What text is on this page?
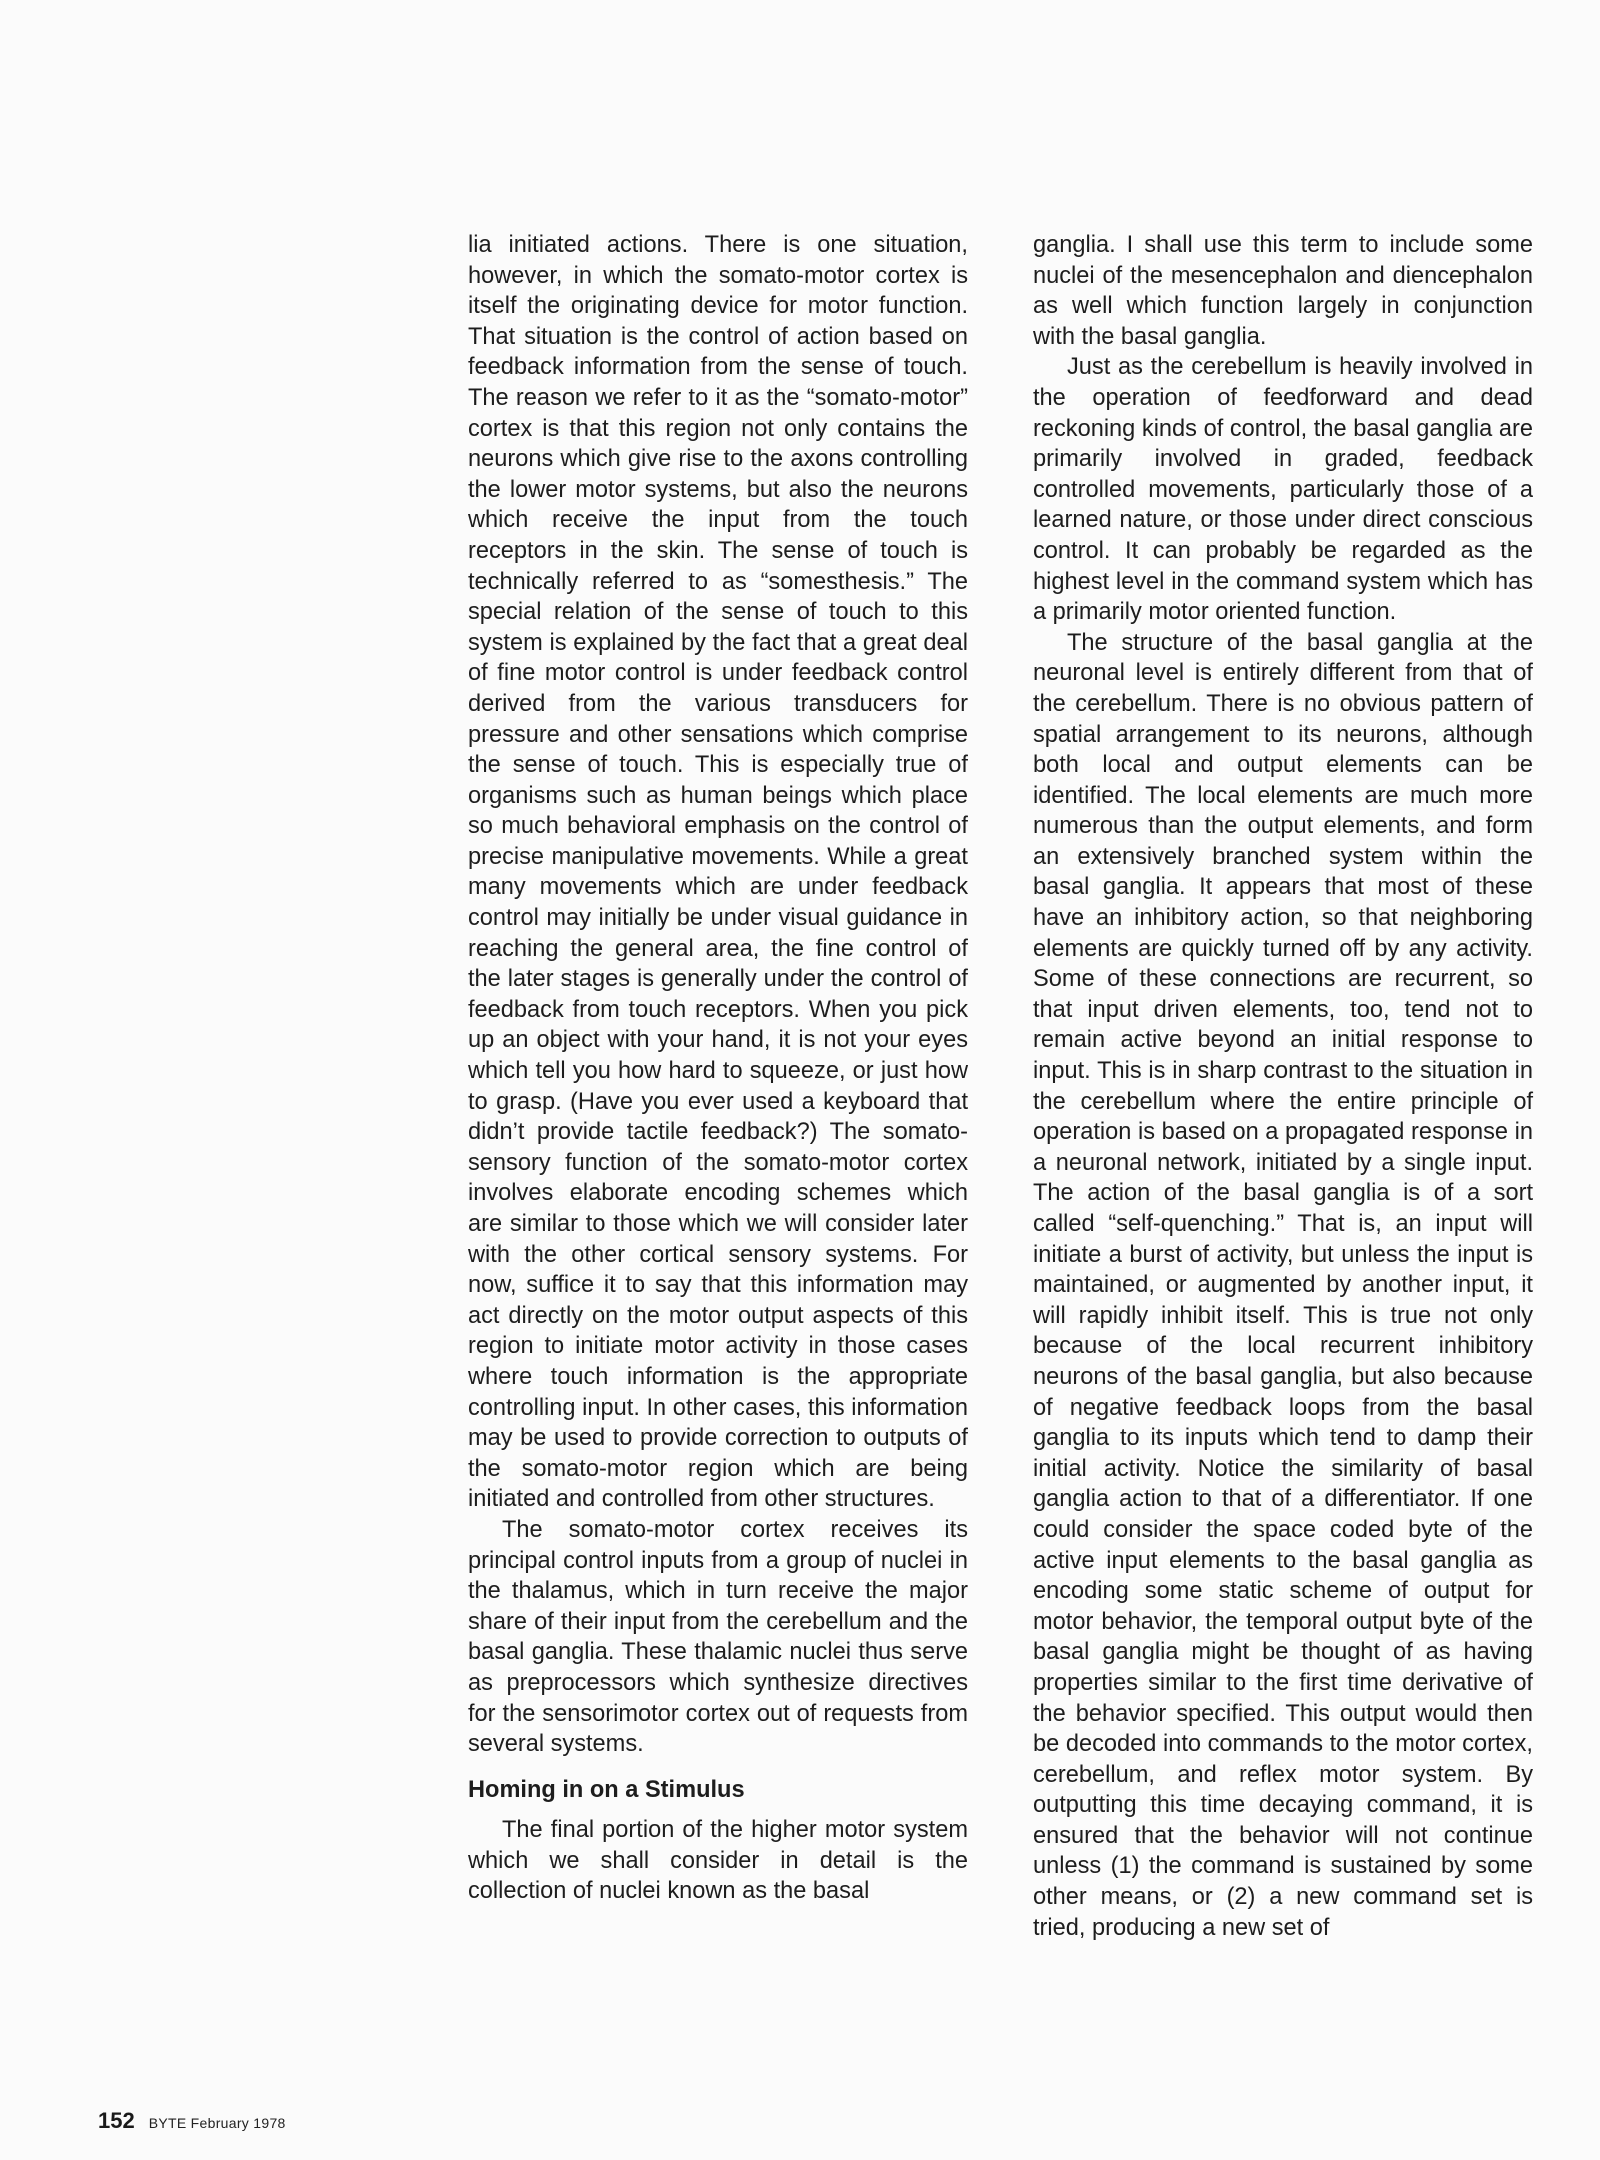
lia initiated actions. There is one situation, however, in which the somato-motor cortex is itself the originating device for motor function. That situation is the control of action based on feedback information from the sense of touch. The reason we refer to it as the “somato-motor” cortex is that this region not only contains the neurons which give rise to the axons controlling the lower motor systems, but also the neurons which receive the input from the touch receptors in the skin. The sense of touch is technically referred to as “somesthesis.” The special relation of the sense of touch to this system is explained by the fact that a great deal of fine motor control is under feedback control derived from the various transducers for pressure and other sensations which comprise the sense of touch. This is especially true of organisms such as human beings which place so much behavioral emphasis on the control of precise manipulative movements. While a great many movements which are under feedback control may initially be under visual guidance in reaching the general area, the fine control of the later stages is generally under the control of feedback from touch receptors. When you pick up an object with your hand, it is not your eyes which tell you how hard to squeeze, or just how to grasp. (Have you ever used a keyboard that didn’t provide tactile feedback?) The somato-sensory function of the somato-motor cortex involves elaborate encoding schemes which are similar to those which we will consider later with the other cortical sensory systems. For now, suffice it to say that this information may act directly on the motor output aspects of this region to initiate motor activity in those cases where touch information is the appropriate controlling input. In other cases, this information may be used to provide correction to outputs of the somato-motor region which are being initiated and controlled from other structures.

The somato-motor cortex receives its principal control inputs from a group of nuclei in the thalamus, which in turn receive the major share of their input from the cerebellum and the basal ganglia. These thalamic nuclei thus serve as preprocessors which synthesize directives for the sensorimotor cortex out of requests from several systems.

Homing in on a Stimulus

The final portion of the higher motor system which we shall consider in detail is the collection of nuclei known as the basal

ganglia. I shall use this term to include some nuclei of the mesencephalon and diencephalon as well which function largely in conjunction with the basal ganglia.

Just as the cerebellum is heavily involved in the operation of feedforward and dead reckoning kinds of control, the basal ganglia are primarily involved in graded, feedback controlled movements, particularly those of a learned nature, or those under direct conscious control. It can probably be regarded as the highest level in the command system which has a primarily motor oriented function.

The structure of the basal ganglia at the neuronal level is entirely different from that of the cerebellum. There is no obvious pattern of spatial arrangement to its neurons, although both local and output elements can be identified. The local elements are much more numerous than the output elements, and form an extensively branched system within the basal ganglia. It appears that most of these have an inhibitory action, so that neighboring elements are quickly turned off by any activity. Some of these connections are recurrent, so that input driven elements, too, tend not to remain active beyond an initial response to input. This is in sharp contrast to the situation in the cerebellum where the entire principle of operation is based on a propagated response in a neuronal network, initiated by a single input. The action of the basal ganglia is of a sort called “self-quenching.” That is, an input will initiate a burst of activity, but unless the input is maintained, or augmented by another input, it will rapidly inhibit itself. This is true not only because of the local recurrent inhibitory neurons of the basal ganglia, but also because of negative feedback loops from the basal ganglia to its inputs which tend to damp their initial activity. Notice the similarity of basal ganglia action to that of a differentiator. If one could consider the space coded byte of the active input elements to the basal ganglia as encoding some static scheme of output for motor behavior, the temporal output byte of the basal ganglia might be thought of as having properties similar to the first time derivative of the behavior specified. This output would then be decoded into commands to the motor cortex, cerebellum, and reflex motor system. By outputting this time decaying command, it is ensured that the behavior will not continue unless (1) the command is sustained by some other means, or (2) a new command set is tried, producing a new set of

152 BYTE February 1978
